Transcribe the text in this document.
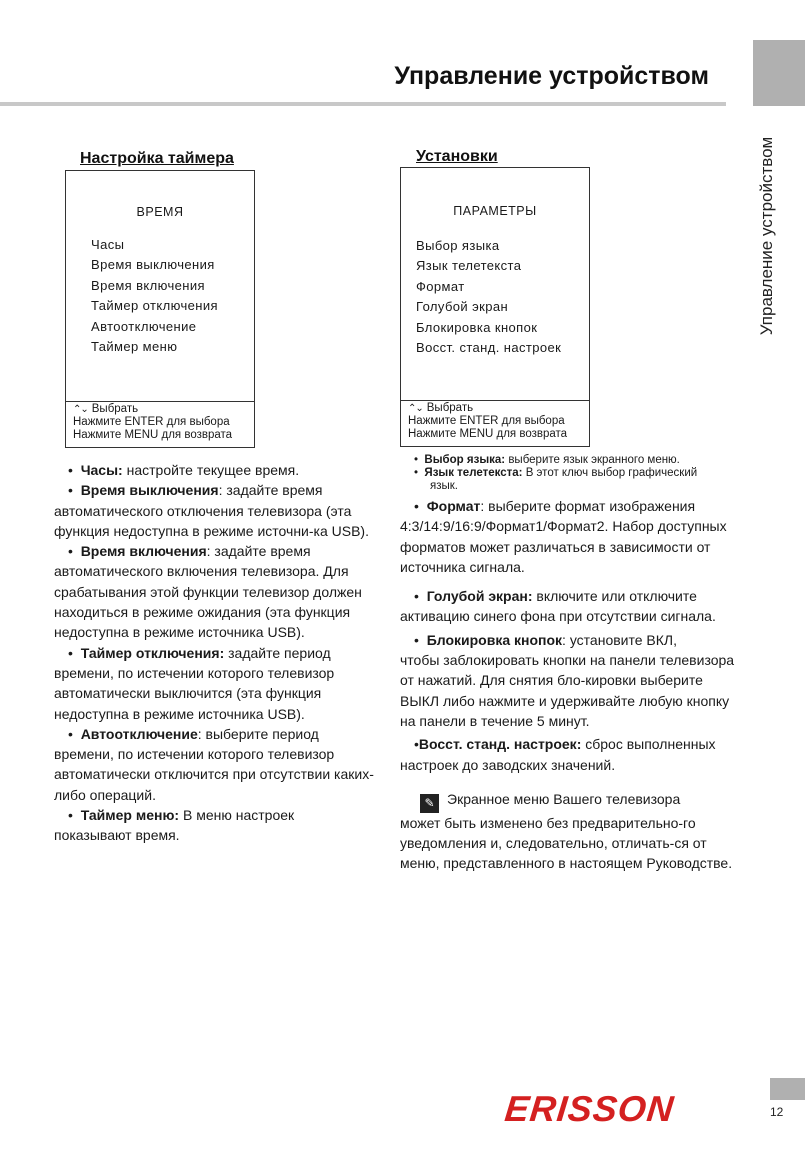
Управление устройством
Управление устройством
Настройка таймера
ВРЕМЯ
Часы
Время выключения
Время включения
Таймер отключения
Автоотключение
Таймер меню
⌃⌄ Выбрать
Нажмите ENTER для выбора
Нажмите MENU для возврата

•  Часы: настройте текущее время.

•  Время выключения: задайте время

автоматического отключения телевизора (эта функция недоступна в режиме источни-ка USB).

•  Время включения: задайте время

автоматического включения телевизора. Для срабатывания этой функции телевизор должен находиться в режиме ожидания (эта функция недоступна в режиме источника USB).

•  Таймер отключения: задайте период

времени, по истечении которого телевизор автоматически выключится (эта функция недоступна в режиме источника USB).

•  Автоотключение: выберите период

времени, по истечении которого телевизор автоматически отключится при отсутствии каких-либо операций.

•  Таймер меню: В меню настроек

показывают время.

Установки
ПАРАМЕТРЫ
Выбор языка
Язык телетекста
Формат
Голубой экран
Блокировка кнопок
Восст. станд. настроек
⌃⌄ Выбрать
Нажмите ENTER для выбора
Нажмите MENU для возврата

•  Выбор языка: выберите язык экранного меню.

•  Язык телетекста: В этот ключ выбор графический

язык.

•  Формат: выберите формат изображения

4:3/14:9/16:9/Формат1/Формат2. Набор доступных форматов может различаться в зависимости от источника сигнала.

•  Голубой экран: включите или отключите

активацию синего фона при отсутствии сигнала.

•  Блокировка кнопок: установите ВКЛ,

чтобы заблокировать кнопки на панели телевизора от нажатий. Для снятия бло-кировки выберите ВЫКЛ либо нажмите и удерживайте любую кнопку на панели в течение 5 минут.

•Восст. станд. настроек: сброс выполненных

настроек до заводских значений.

✎ Экранное меню Вашего телевизора

может быть изменено без предварительно-го уведомления и, следовательно, отличать-ся от меню, представленного в настоящем Руководстве.

ERISSON	12
